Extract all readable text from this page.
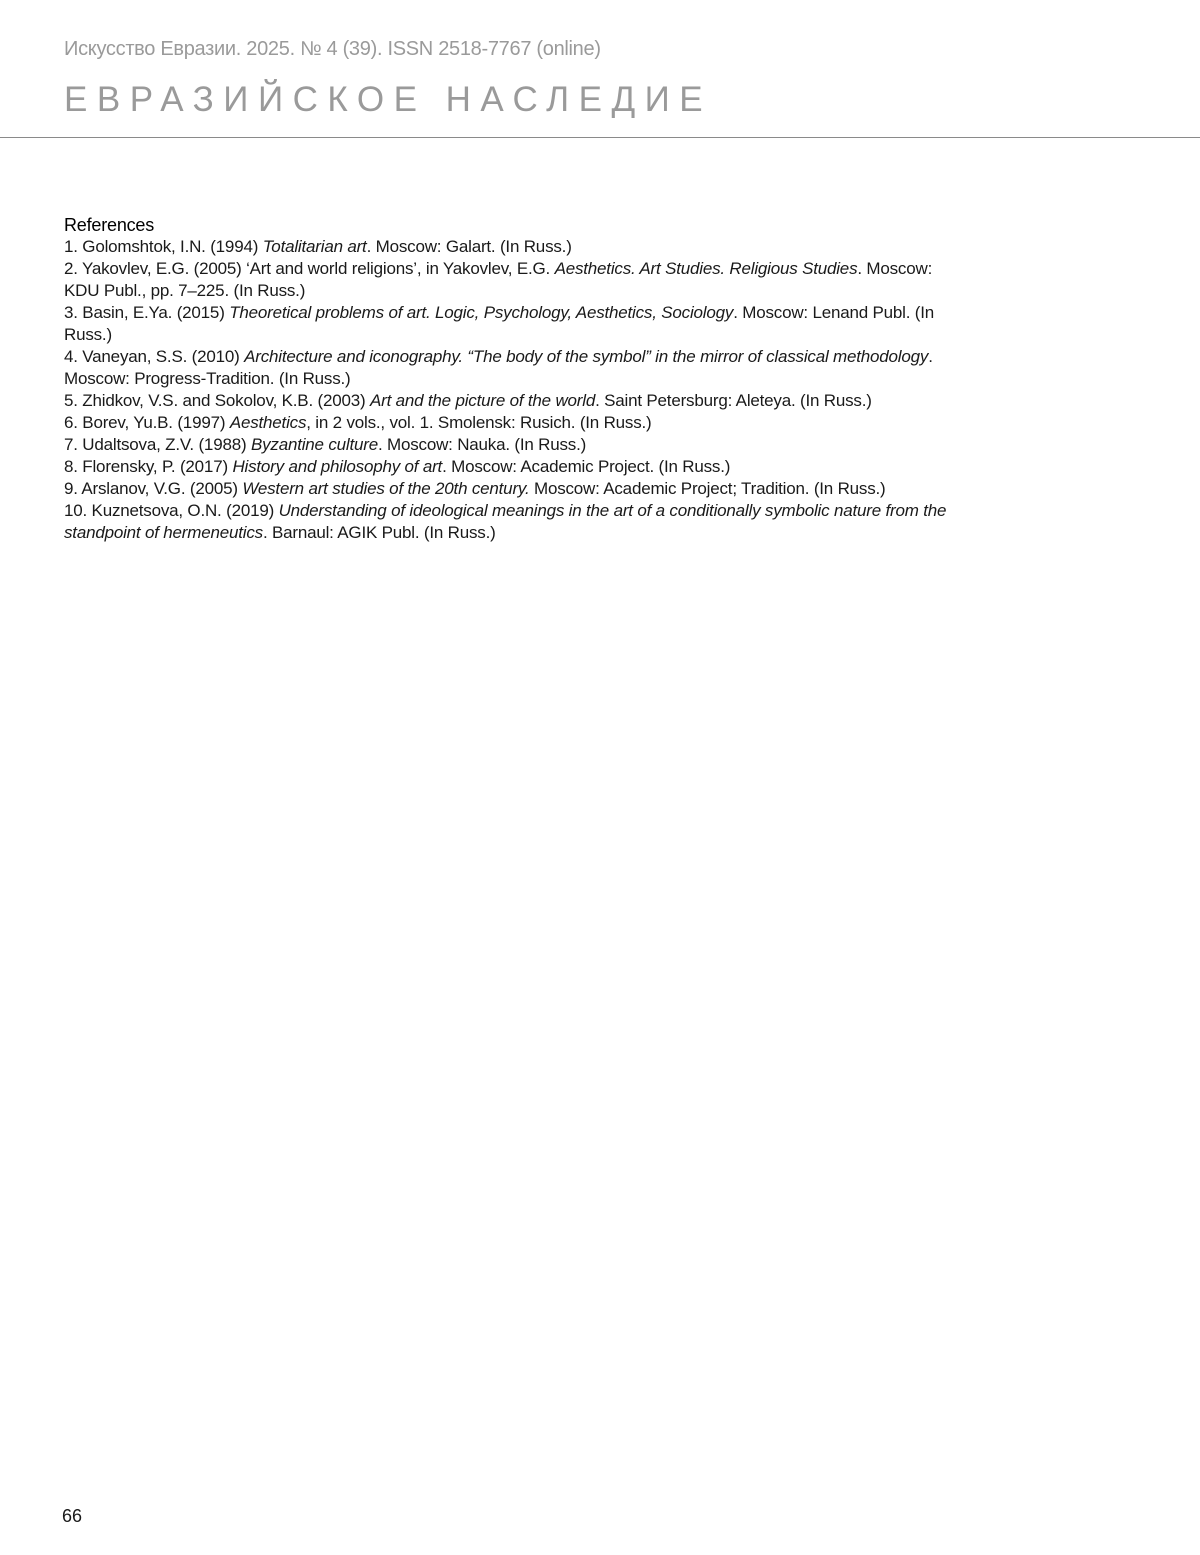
Искусство Евразии. 2025. № 4 (39). ISSN 2518-7767 (online)
ЕВРАЗИЙСКОЕ НАСЛЕДИЕ
References

1. Golomshtok, I.N. (1994) Totalitarian art. Moscow: Galart. (In Russ.)

2. Yakovlev, E.G. (2005) ‘Art and world religions’, in Yakovlev, E.G. Aesthetics. Art Studies. Religious Studies. Moscow: KDU Publ., pp. 7–225. (In Russ.)

3. Basin, E.Ya. (2015) Theoretical problems of art. Logic, Psychology, Aesthetics, Sociology. Moscow: Lenand Publ. (In Russ.)

4. Vaneyan, S.S. (2010) Architecture and iconography. “The body of the symbol” in the mirror of classical methodology. Moscow: Progress-Tradition. (In Russ.)

5. Zhidkov, V.S. and Sokolov, K.B. (2003) Art and the picture of the world. Saint Petersburg: Aleteya. (In Russ.)

6. Borev, Yu.B. (1997) Aesthetics, in 2 vols., vol. 1. Smolensk: Rusich. (In Russ.)

7. Udaltsova, Z.V. (1988) Byzantine culture. Moscow: Nauka. (In Russ.)

8. Florensky, P. (2017) History and philosophy of art. Moscow: Academic Project. (In Russ.)

9. Arslanov, V.G. (2005) Western art studies of the 20th century. Moscow: Academic Project; Tradition. (In Russ.)

10. Kuznetsova, O.N. (2019) Understanding of ideological meanings in the art of a conditionally symbolic nature from the standpoint of hermeneutics. Barnaul: AGIK Publ. (In Russ.)

66
